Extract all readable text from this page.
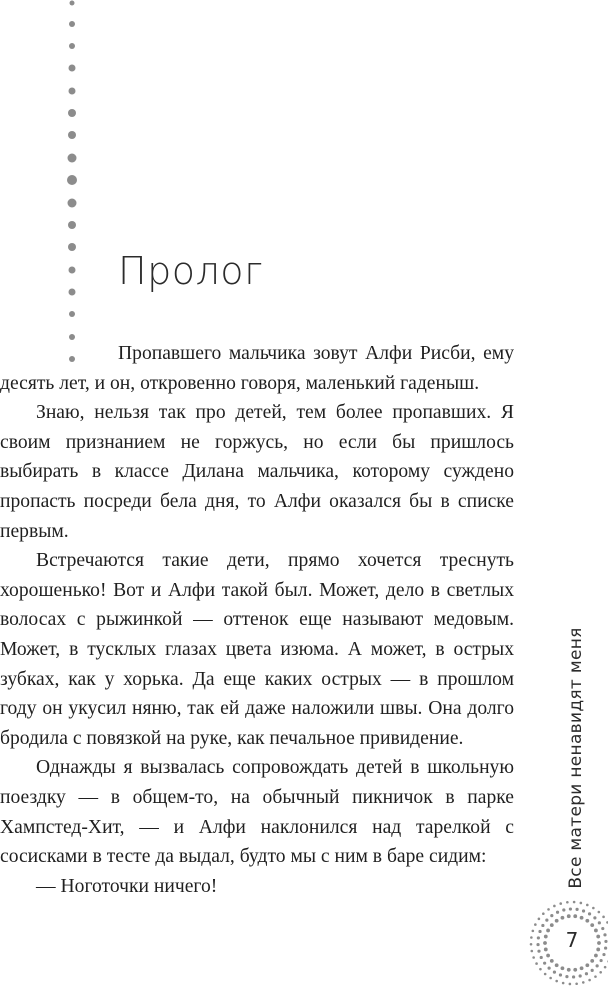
Пролог

Пропавшего мальчика зовут Алфи Рисби, ему десять лет, и он, откровенно говоря, маленький гаденыш.

Знаю, нельзя так про детей, тем более пропавших. Я своим признанием не горжусь, но если бы пришлось выбирать в классе Дилана мальчика, которому суждено пропасть посреди бела дня, то Алфи оказался бы в списке первым.

Встречаются такие дети, прямо хочется треснуть хорошенько! Вот и Алфи такой был. Может, дело в светлых волосах с рыжинкой — оттенок еще называют медовым. Может, в тусклых глазах цвета изюма. А может, в острых зубках, как у хорька. Да еще каких острых — в прошлом году он укусил няню, так ей даже наложили швы. Она долго бродила с повязкой на руке, как печальное привидение.

Однажды я вызвалась сопровождать детей в школьную поездку — в общем-то, на обычный пикничок в парке Хампстед-Хит, — и Алфи наклонился над тарелкой с сосисками в тесте да выдал, будто мы с ним в баре сидим:

— Ноготочки ничего!	Все матери ненавидят меня
7
